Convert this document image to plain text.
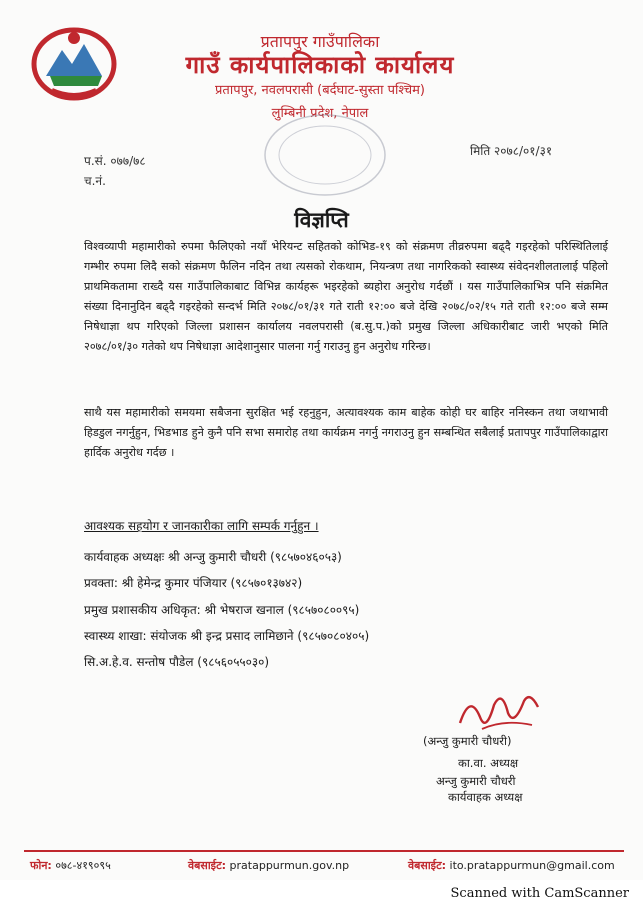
प्रतापपुर गाउँपालिका
गाउँ कार्यपालिकाको कार्यालय
प्रतापपुर, नवलपरासी (बर्दघाट-सुस्ता पश्चिम)
लुम्बिनी प्रदेश, नेपाल
प.सं. ०७७/७८
च.नं.
मिति २०७८/०१/३१
विज्ञप्ति
विश्वव्यापी महामारीको रुपमा फैलिएको नयाँ भेरियन्ट सहितको कोभिड-१९ को संक्रमण तीव्ररुपमा बढ्दै गइरहेको परिस्थितिलाई गम्भीर रुपमा लिदै सको संक्रमण फैलिन नदिन तथा त्यसको रोकथाम, नियन्त्रण तथा नागरिकको स्वास्थ्य संवेदनशीलतालाई पहिलो प्राथमिकतामा राख्दै यस गाउँपालिकाबाट विभिन्न कार्यहरू भइरहेको ब्यहोरा अनुरोध गर्दछौं । यस गाउँपालिकाभित्र पनि संक्रमित संख्या दिनानुदिन बढ्दै गइरहेको सन्दर्भ मिति २०७८/०१/३१ गते राती १२:०० बजे देखि २०७८/०२/१५ गते राती १२:०० बजे सम्म निषेधाज्ञा थप गरिएको जिल्ला प्रशासन कार्यालय नवलपरासी (ब.सु.प.)को प्रमुख जिल्ला अधिकारीबाट जारी भएको मिति २०७८/०१/३० गतेको थप निषेधाज्ञा आदेशानुसार पालना गर्नु गराउनु हुन अनुरोध गरिन्छ।
साथै यस महामारीको समयमा सबैजना सुरक्षित भई रहनुहुन, अत्यावश्यक काम बाहेक कोही घर बाहिर ननिस्कन तथा जथाभावी हिडडुल नगर्नुहुन, भिडभाड हुने कुनै पनि सभा समारोह तथा कार्यक्रम नगर्नु नगराउनु हुन सम्बन्धित सबैलाई प्रतापपुर गाउँपालिकाद्वारा हार्दिक अनुरोध गर्दछ ।
आवश्यक सहयोग र जानकारीका लागि सम्पर्क गर्नुहुन ।
कार्यवाहक अध्यक्षः श्री अन्जु कुमारी चौधरी (९८५७०४६०५३)
प्रवक्ता: श्री हेमेन्द्र कुमार पंजियार (९८५७०१३७४२)
प्रमुख प्रशासकीय अधिकृत: श्री भेषराज खनाल (९८५७०८००९५)
स्वास्थ्य शाखा: संयोजक श्री इन्द्र प्रसाद लामिछाने (९८५७०८०४०५)
सि.अ.हे.व. सन्तोष पौडेल (९८५६०५५०३०)
(अन्जु कुमारी चौधरी)
का.वा. अध्यक्ष
अन्जु कुमारी चौधरी
कार्यवाहक अध्यक्ष
फोन: ०७८-४१९०९५	वेबसाईट: pratappurmun.gov.np	वेबसाईट: ito.pratappurmun@gmail.com
Scanned with CamScanner
